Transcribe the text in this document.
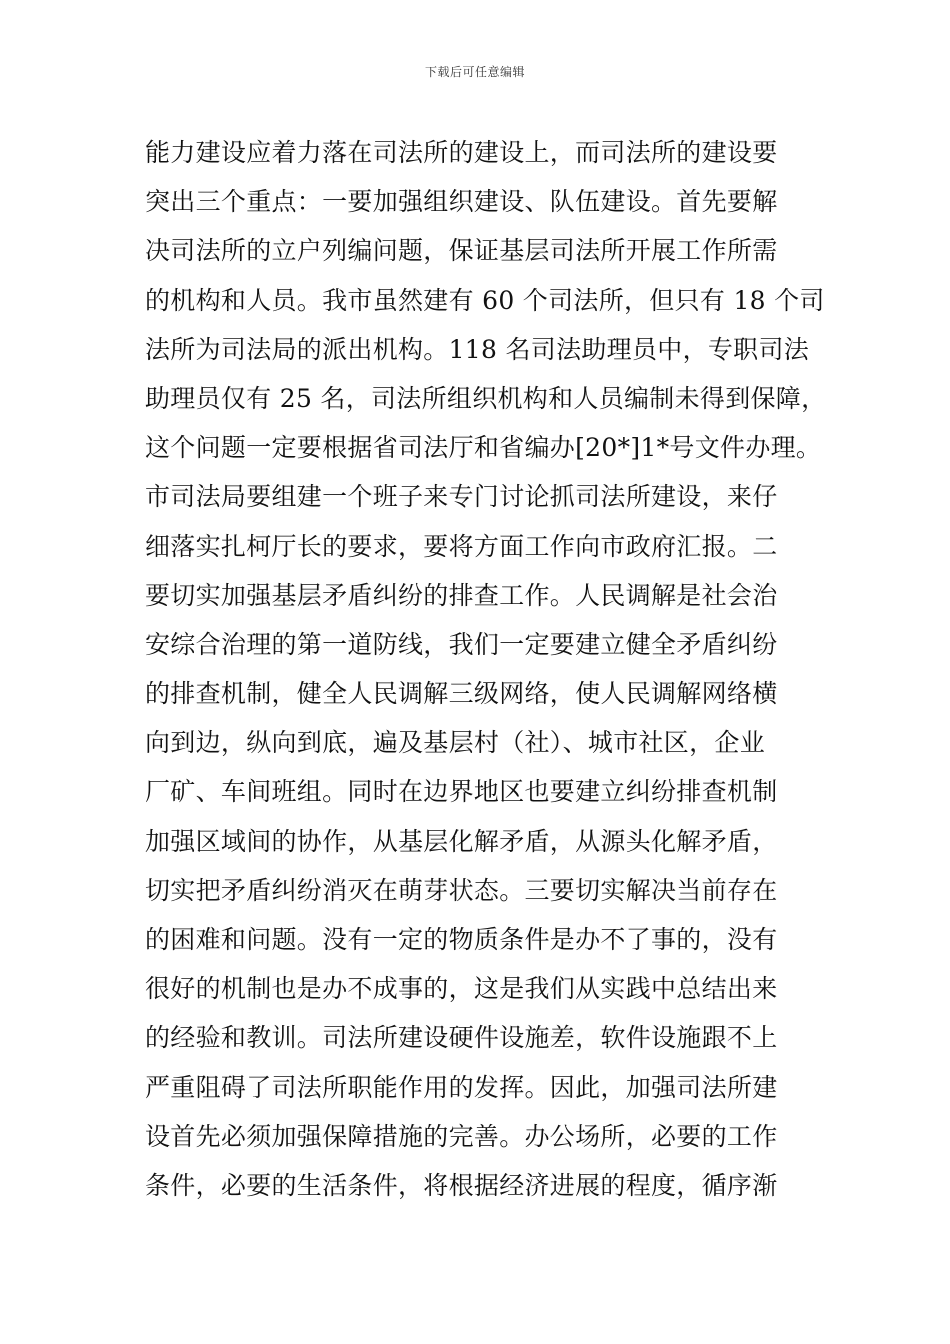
下载后可任意编辑
能力建设应着力落在司法所的建设上，而司法所的建设要
突出三个重点：一要加强组织建设、队伍建设。首先要解
决司法所的立户列编问题，保证基层司法所开展工作所需
的机构和人员。我市虽然建有 60 个司法所，但只有 18 个司
法所为司法局的派出机构。118 名司法助理员中，专职司法
助理员仅有 25 名，司法所组织机构和人员编制未得到保障，
这个问题一定要根据省司法厅和省编办[20*]1*号文件办理。
市司法局要组建一个班子来专门讨论抓司法所建设，来仔
细落实扎柯厅长的要求，要将方面工作向市政府汇报。二
要切实加强基层矛盾纠纷的排查工作。人民调解是社会治
安综合治理的第一道防线，我们一定要建立健全矛盾纠纷
的排查机制，健全人民调解三级网络，使人民调解网络横
向到边，纵向到底，遍及基层村（社）、城市社区，企业
厂矿、车间班组。同时在边界地区也要建立纠纷排查机制
加强区域间的协作，从基层化解矛盾，从源头化解矛盾，
切实把矛盾纠纷消灭在萌芽状态。三要切实解决当前存在
的困难和问题。没有一定的物质条件是办不了事的，没有
很好的机制也是办不成事的，这是我们从实践中总结出来
的经验和教训。司法所建设硬件设施差，软件设施跟不上
严重阻碍了司法所职能作用的发挥。因此，加强司法所建
设首先必须加强保障措施的完善。办公场所，必要的工作
条件，必要的生活条件，将根据经济进展的程度，循序渐
